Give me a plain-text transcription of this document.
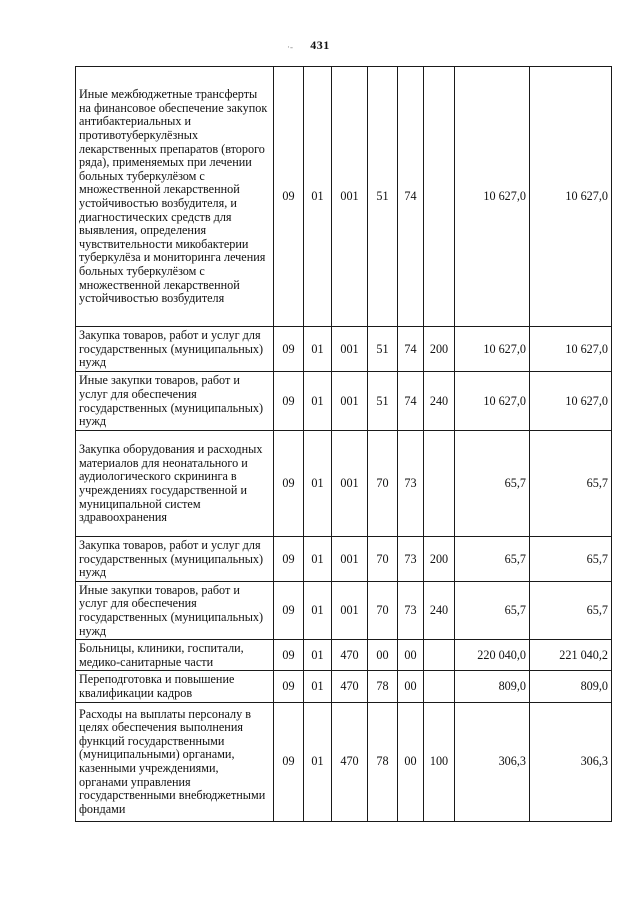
431
Иные межбюджетные трансферты на финансовое обеспечение закупок антибактериальных и противотуберкулёзных лекарственных препаратов (второго ряда), применяемых при лечении больных туберкулёзом с множественной лекарственной устойчивостью возбудителя, и диагностических средств для выявления, определения чувствительности микобактерии туберкулёза и мониторинга лечения больных туберкулёзом с множественной лекарственной устойчивостью возбудителя	09	01	001	51	74		10 627,0	10 627,0
Закупка товаров, работ и услуг для государственных (муниципальных) нужд	09	01	001	51	74	200	10 627,0	10 627,0
Иные закупки товаров, работ и услуг для обеспечения государственных (муниципальных) нужд	09	01	001	51	74	240	10 627,0	10 627,0
Закупка оборудования и расходных материалов для неонатального и аудиологического скрининга в учреждениях государственной и муниципальной систем здравоохранения	09	01	001	70	73		65,7	65,7
Закупка товаров, работ и услуг для государственных (муниципальных) нужд	09	01	001	70	73	200	65,7	65,7
Иные закупки товаров, работ и услуг для обеспечения государственных (муниципальных) нужд	09	01	001	70	73	240	65,7	65,7
Больницы, клиники, госпитали, медико-санитарные части	09	01	470	00	00		220 040,0	221 040,2
Переподготовка и повышение квалификации кадров	09	01	470	78	00		809,0	809,0
Расходы на выплаты персоналу в целях обеспечения выполнения функций государственными (муниципальными) органами, казенными учреждениями, органами управления государственными внебюджетными фондами	09	01	470	78	00	100	306,3	306,3
·-
